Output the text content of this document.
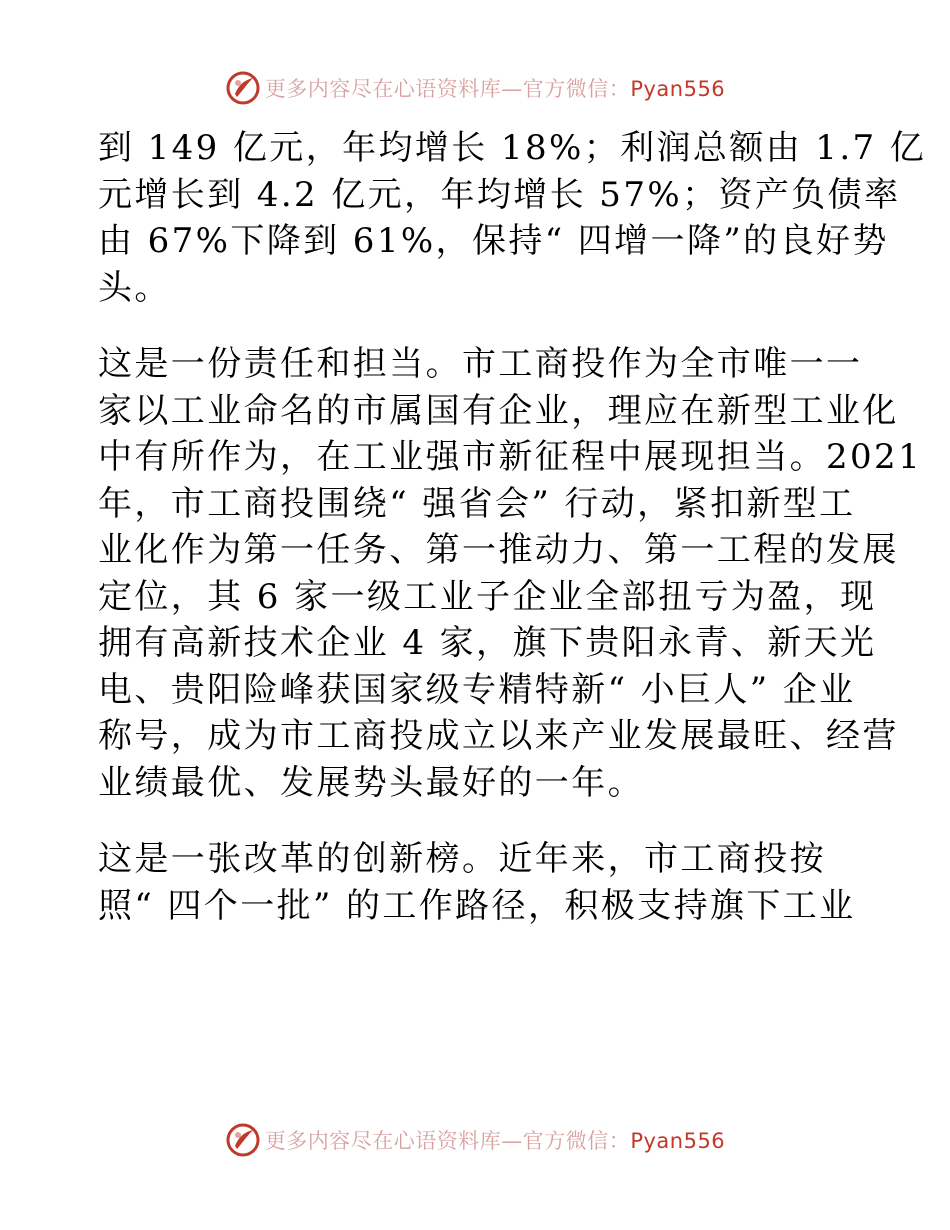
更多内容尽在心语资料库—官方微信：Pyan556

到 149 亿元，年均增长 18%；利润总额由 1.7 亿
元增长到 4.2 亿元，年均增长 57%；资产负债率
由 67%下降到 61%，保持“ 四增一降”的良好势
头。

这是一份责任和担当。市工商投作为全市唯一一
家以工业命名的市属国有企业，理应在新型工业化
中有所作为，在工业强市新征程中展现担当。2021
年，市工商投围绕“ 强省会” 行动，紧扣新型工
业化作为第一任务、第一推动力、第一工程的发展
定位，其 6 家一级工业子企业全部扭亏为盈，现
拥有高新技术企业 4 家，旗下贵阳永青、新天光
电、贵阳险峰获国家级专精特新“ 小巨人” 企业
称号，成为市工商投成立以来产业发展最旺、经营
业绩最优、发展势头最好的一年。

这是一张改革的创新榜。近年来，市工商投按
照“ 四个一批” 的工作路径，积极支持旗下工业

更多内容尽在心语资料库—官方微信：Pyan556
